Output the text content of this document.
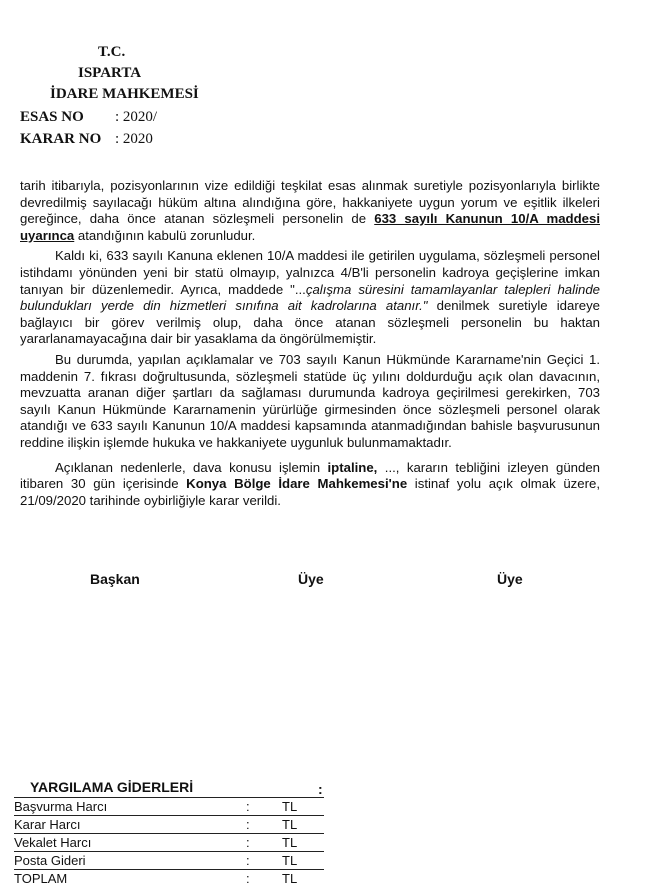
T.C.
ISPARTA
İDARE MAHKEMESİ
ESAS NO : 2020/
KARAR NO : 2020

tarih itibarıyla, pozisyonlarının vize edildiği teşkilat esas alınmak suretiyle pozisyonlarıyla birlikte devredilmiş sayılacağı hüküm altına alındığına göre, hakkaniyete uygun yorum ve eşitlik ilkeleri gereğince, daha önce atanan sözleşmeli personelin de 633 sayılı Kanunun 10/A maddesi uyarınca atandığının kabulü zorunludur.

Kaldı ki, 633 sayılı Kanuna eklenen 10/A maddesi ile getirilen uygulama, sözleşmeli personel istihdamı yönünden yeni bir statü olmayıp, yalnızca 4/B'li personelin kadroya geçişlerine imkan tanıyan bir düzenlemedir. Ayrıca, maddede "...çalışma süresini tamamlayanlar talepleri halinde bulundukları yerde din hizmetleri sınıfına ait kadrolarına atanır." denilmek suretiyle idareye bağlayıcı bir görev verilmiş olup, daha önce atanan sözleşmeli personelin bu haktan yararlanamayacağına dair bir yasaklama da öngörülmemiştir.

Bu durumda, yapılan açıklamalar ve 703 sayılı Kanun Hükmünde Kararname'nin Geçici 1. maddenin 7. fıkrası doğrultusunda, sözleşmeli statüde üç yılını doldurduğu açık olan davacının, mevzuatta aranan diğer şartları da sağlaması durumunda kadroya geçirilmesi gerekirken, 703 sayılı Kanun Hükmünde Kararnamenin yürürlüğe girmesinden önce sözleşmeli personel olarak atandığı ve 633 sayılı Kanunun 10/A maddesi kapsamında atanmadığından bahisle başvurusunun reddine ilişkin işlemde hukuka ve hakkaniyete uygunluk bulunmamaktadır.

Açıklanan nedenlerle, dava konusu işlemin iptaline, ..., kararın tebliğini izleyen günden itibaren 30 gün içerisinde Konya Bölge İdare Mahkemesi'ne istinaf yolu açık olmak üzere, 21/09/2020 tarihinde oybirliğiyle karar verildi.

Başkan	Üye	Üye
YARGILAMA GİDERLERİ	:
Başvurma Harcı	: TL
Karar Harcı	: TL
Vekalet Harcı	: TL
Posta Gideri	: TL
TOPLAM	: TL
